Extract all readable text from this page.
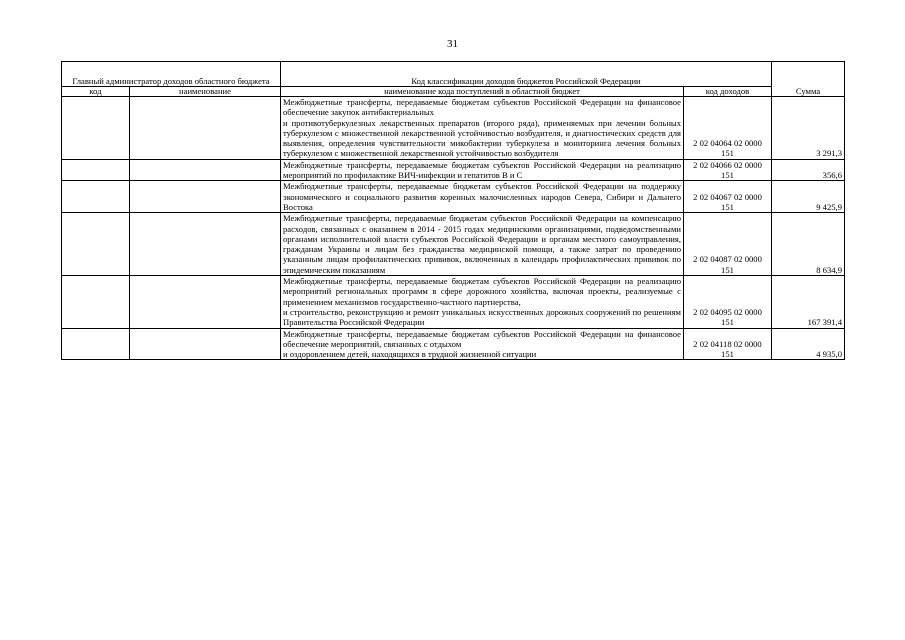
31
Главный администратор доходов областного бюджета		Код классификации доходов бюджетов Российской Федерации		Сумма
код	наименование	наименование кода поступлений в областной бюджет	код доходов	
		Межбюджетные трансферты, передаваемые бюджетам субъектов Российской Федерации на финансовое обеспечение закупок антибактериальных
и противотуберкулезных лекарственных препаратов (второго ряда), применяемых при лечении больных туберкулезом с множественной лекарственной устойчивостью возбудителя, и диагностических средств для выявления, определения чувствительности микобактерии туберкулеза и мониторинга лечения больных туберкулезом с множественной лекарственной устойчивостью возбудителя	2 02 04064 02 0000 151	3 291,3
		Межбюджетные трансферты, передаваемые бюджетам субъектов Российской Федерации на реализацию мероприятий по профилактике ВИЧ-инфекции и гепатитов В и С	2 02 04066 02 0000 151	356,6
		Межбюджетные трансферты, передаваемые бюджетам субъектов Российской Федерации на поддержку экономического и социального развития коренных малочисленных народов Севера, Сибири и Дальнего Востока	2 02 04067 02 0000 151	9 425,9
		Межбюджетные трансферты, передаваемые бюджетам субъектов Российской Федерации на компенсацию расходов, связанных с оказанием в 2014 - 2015 годах медицинскими организациями, подведомственными органами исполнительной власти субъектов Российской Федерации и органам местного самоуправления, гражданам Украины и лицам без гражданства медицинской помощи, а также затрат по проведению указанным лицам профилактических прививок, включенных в календарь профилактических прививок по эпидемическим показаниям	2 02 04087 02 0000 151	8 634,9
		Межбюджетные трансферты, передаваемые бюджетам субъектов Российской Федерации на реализацию мероприятий региональных программ в сфере дорожного хозяйства, включая проекты, реализуемые с применением механизмов государственно-частного партнерства,
и строительство, реконструкцию и ремонт уникальных искусственных дорожных сооружений по решениям Правительства Российской Федерации	2 02 04095 02 0000 151	167 391,4
		Межбюджетные трансферты, передаваемые бюджетам субъектов Российской Федерации на финансовое обеспечение мероприятий, связанных с отдыхом
и оздоровлением детей, находящихся в трудной жизненной ситуации	2 02 04118 02 0000 151	4 935,0
